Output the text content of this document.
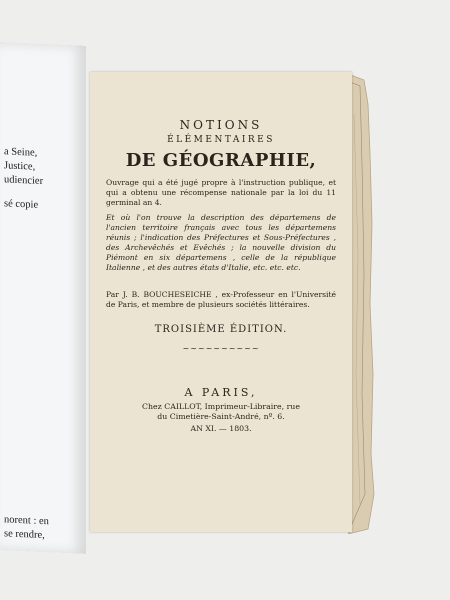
a Seine,
Justice,
udiencier
sé copie
norent : en
se rendre,
NOTIONS
ÉLÉMENTAIRES
DE GÉOGRAPHIE,
Ouvrage qui a été jugé propre à l'instruction publique, et qui a obtenu une récompense nationale par la loi du 11 germinal an 4.
Et où l'on trouve la description des départemens de l'ancien territoire français avec tous les départemens réunis ; l'indication des Préfectures et Sous-Préfectures , des Archevêchés et Evêchés ; la nouvelle division du Piémont en six départemens , celle de la république Italienne , et des autres états d'Italie, etc. etc. etc.
Par J. B. BOUCHESEICHE , ex-Professeur en l'Université de Paris, et membre de plusieurs sociétés littéraires.
TROISIÈME ÉDITION.
~~~~~~~~~~
A PARIS,
Chez CAILLOT, Imprimeur-Libraire, rue
du Cimetière-Saint-André, nº. 6.
AN XI. — 1803.
